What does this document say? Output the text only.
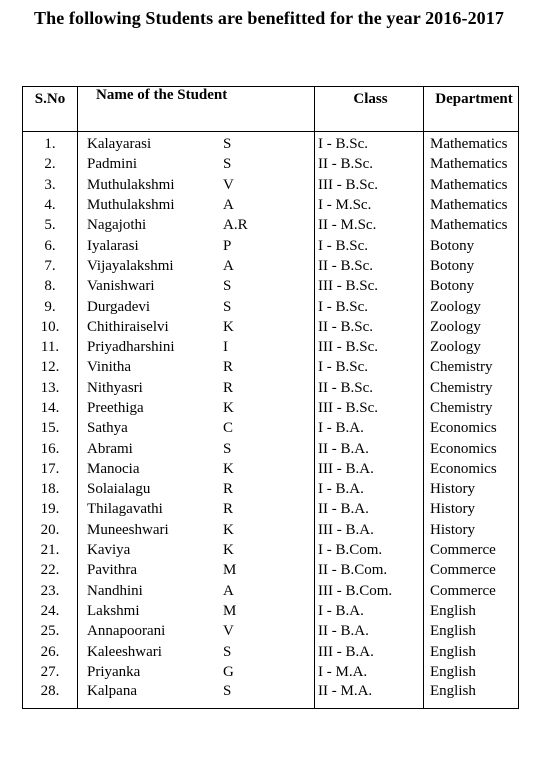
The following Students are benefitted for the year 2016-2017
S.No	Name of the Student	Class	Department
1.	Kalayarasi S	I - B.Sc.	Mathematics
2.	Padmini S	II - B.Sc.	Mathematics
3.	Muthulakshmi V	III - B.Sc.	Mathematics
4.	Muthulakshmi A	I - M.Sc.	Mathematics
5.	Nagajothi A.R	II - M.Sc.	Mathematics
6.	Iyalarasi P	I - B.Sc.	Botony
7.	Vijayalakshmi A	II - B.Sc.	Botony
8.	Vanishwari S	III - B.Sc.	Botony
9.	Durgadevi S	I - B.Sc.	Zoology
10.	Chithiraiselvi K	II - B.Sc.	Zoology
11.	Priyadharshini I	III - B.Sc.	Zoology
12.	Vinitha R	I - B.Sc.	Chemistry
13.	Nithyasri R	II - B.Sc.	Chemistry
14.	Preethiga K	III - B.Sc.	Chemistry
15.	Sathya C	I - B.A.	Economics
16.	Abrami S	II - B.A.	Economics
17.	Manocia K	III - B.A.	Economics
18.	Solaialagu R	I - B.A.	History
19.	Thilagavathi R	II - B.A.	History
20.	Muneeshwari K	III - B.A.	History
21.	Kaviya K	I - B.Com.	Commerce
22.	Pavithra M	II - B.Com.	Commerce
23.	Nandhini A	III - B.Com.	Commerce
24.	Lakshmi M	I - B.A.	English
25.	Annapoorani V	II - B.A.	English
26.	Kaleeshwari S	III - B.A.	English
27.	Priyanka G	I - M.A.	English
28.	Kalpana S	II - M.A.	English
